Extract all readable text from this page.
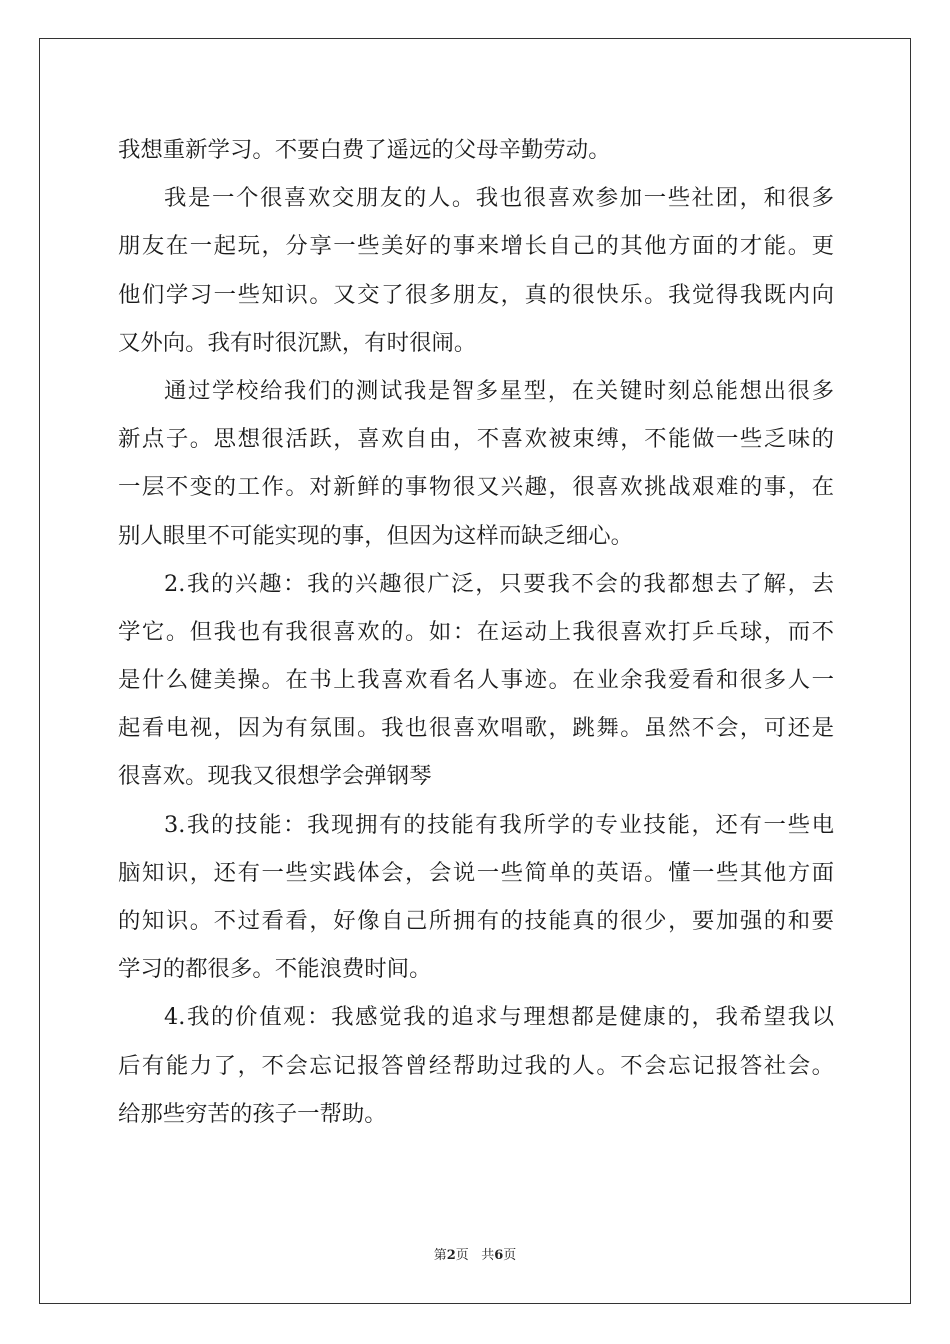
我想重新学习。不要白费了遥远的父母辛勤劳动。
我是一个很喜欢交朋友的人。我也很喜欢参加一些社团，和很多
朋友在一起玩，分享一些美好的事来增长自己的其他方面的才能。更
他们学习一些知识。又交了很多朋友，真的很快乐。我觉得我既内向
又外向。我有时很沉默，有时很闹。
通过学校给我们的测试我是智多星型，在关键时刻总能想出很多
新点子。思想很活跃，喜欢自由，不喜欢被束缚，不能做一些乏味的
一层不变的工作。对新鲜的事物很又兴趣，很喜欢挑战艰难的事，在
别人眼里不可能实现的事，但因为这样而缺乏细心。
2.我的兴趣：我的兴趣很广泛，只要我不会的我都想去了解，去
学它。但我也有我很喜欢的。如：在运动上我很喜欢打乒乓球，而不
是什么健美操。在书上我喜欢看名人事迹。在业余我爱看和很多人一
起看电视，因为有氛围。我也很喜欢唱歌，跳舞。虽然不会，可还是
很喜欢。现我又很想学会弹钢琴
3.我的技能：我现拥有的技能有我所学的专业技能，还有一些电
脑知识，还有一些实践体会，会说一些简单的英语。懂一些其他方面
的知识。不过看看，好像自己所拥有的技能真的很少，要加强的和要
学习的都很多。不能浪费时间。
4.我的价值观：我感觉我的追求与理想都是健康的，我希望我以
后有能力了，不会忘记报答曾经帮助过我的人。不会忘记报答社会。
给那些穷苦的孩子一帮助。
第2页 共6页
